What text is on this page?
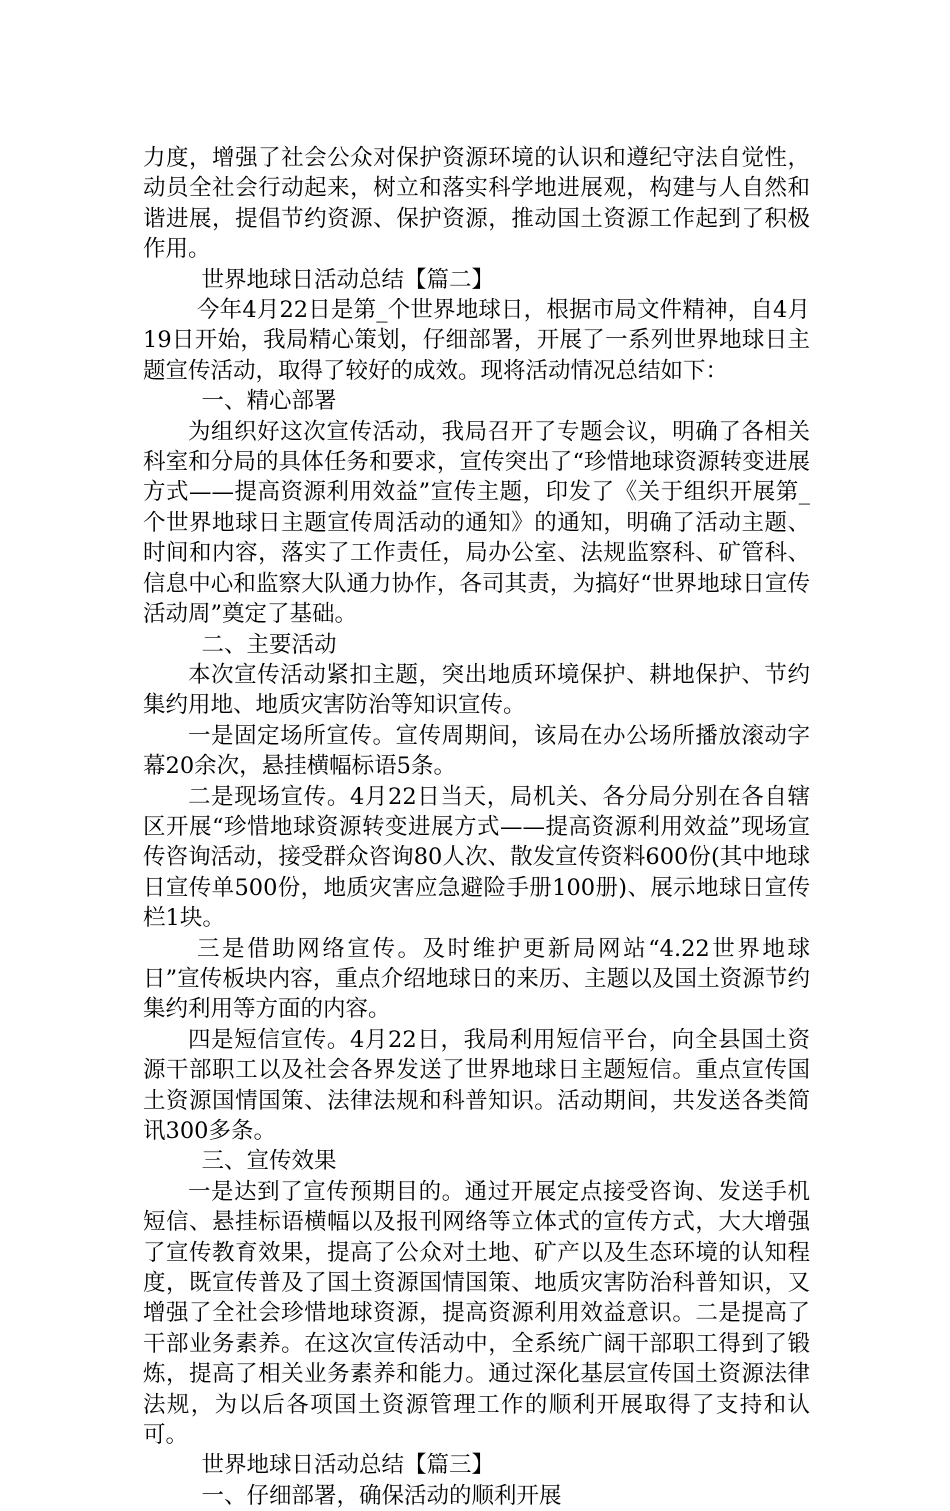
力度，增强了社会公众对保护资源环境的认识和遵纪守法自觉性，动员全社会行动起来，树立和落实科学地进展观，构建与人自然和谐进展，提倡节约资源、保护资源，推动国土资源工作起到了积极作用。

世界地球日活动总结【篇二】

今年4月22日是第_个世界地球日，根据市局文件精神，自4月19日开始，我局精心策划，仔细部署，开展了一系列世界地球日主题宣传活动，取得了较好的成效。现将活动情况总结如下：

一、精心部署

为组织好这次宣传活动，我局召开了专题会议，明确了各相关科室和分局的具体任务和要求，宣传突出了“珍惜地球资源转变进展方式——提高资源利用效益”宣传主题，印发了《关于组织开展第_个世界地球日主题宣传周活动的通知》的通知，明确了活动主题、时间和内容，落实了工作责任，局办公室、法规监察科、矿管科、信息中心和监察大队通力协作，各司其责，为搞好“世界地球日宣传活动周”奠定了基础。

二、主要活动

本次宣传活动紧扣主题，突出地质环境保护、耕地保护、节约集约用地、地质灾害防治等知识宣传。

一是固定场所宣传。宣传周期间，该局在办公场所播放滚动字幕20余次，悬挂横幅标语5条。

二是现场宣传。4月22日当天，局机关、各分局分别在各自辖区开展“珍惜地球资源转变进展方式——提高资源利用效益”现场宣传咨询活动，接受群众咨询80人次、散发宣传资料600份(其中地球日宣传单500份，地质灾害应急避险手册100册)、展示地球日宣传栏1块。

三是借助网络宣传。及时维护更新局网站“4.22世界地球日”宣传板块内容，重点介绍地球日的来历、主题以及国土资源节约集约利用等方面的内容。

四是短信宣传。4月22日，我局利用短信平台，向全县国土资源干部职工以及社会各界发送了世界地球日主题短信。重点宣传国土资源国情国策、法律法规和科普知识。活动期间，共发送各类简讯300多条。

三、宣传效果

一是达到了宣传预期目的。通过开展定点接受咨询、发送手机短信、悬挂标语横幅以及报刊网络等立体式的宣传方式，大大增强了宣传教育效果，提高了公众对土地、矿产以及生态环境的认知程度，既宣传普及了国土资源国情国策、地质灾害防治科普知识，又增强了全社会珍惜地球资源，提高资源利用效益意识。二是提高了干部业务素养。在这次宣传活动中，全系统广阔干部职工得到了锻炼，提高了相关业务素养和能力。通过深化基层宣传国土资源法律法规，为以后各项国土资源管理工作的顺利开展取得了支持和认可。

世界地球日活动总结【篇三】

一、仔细部署，确保活动的顺利开展
